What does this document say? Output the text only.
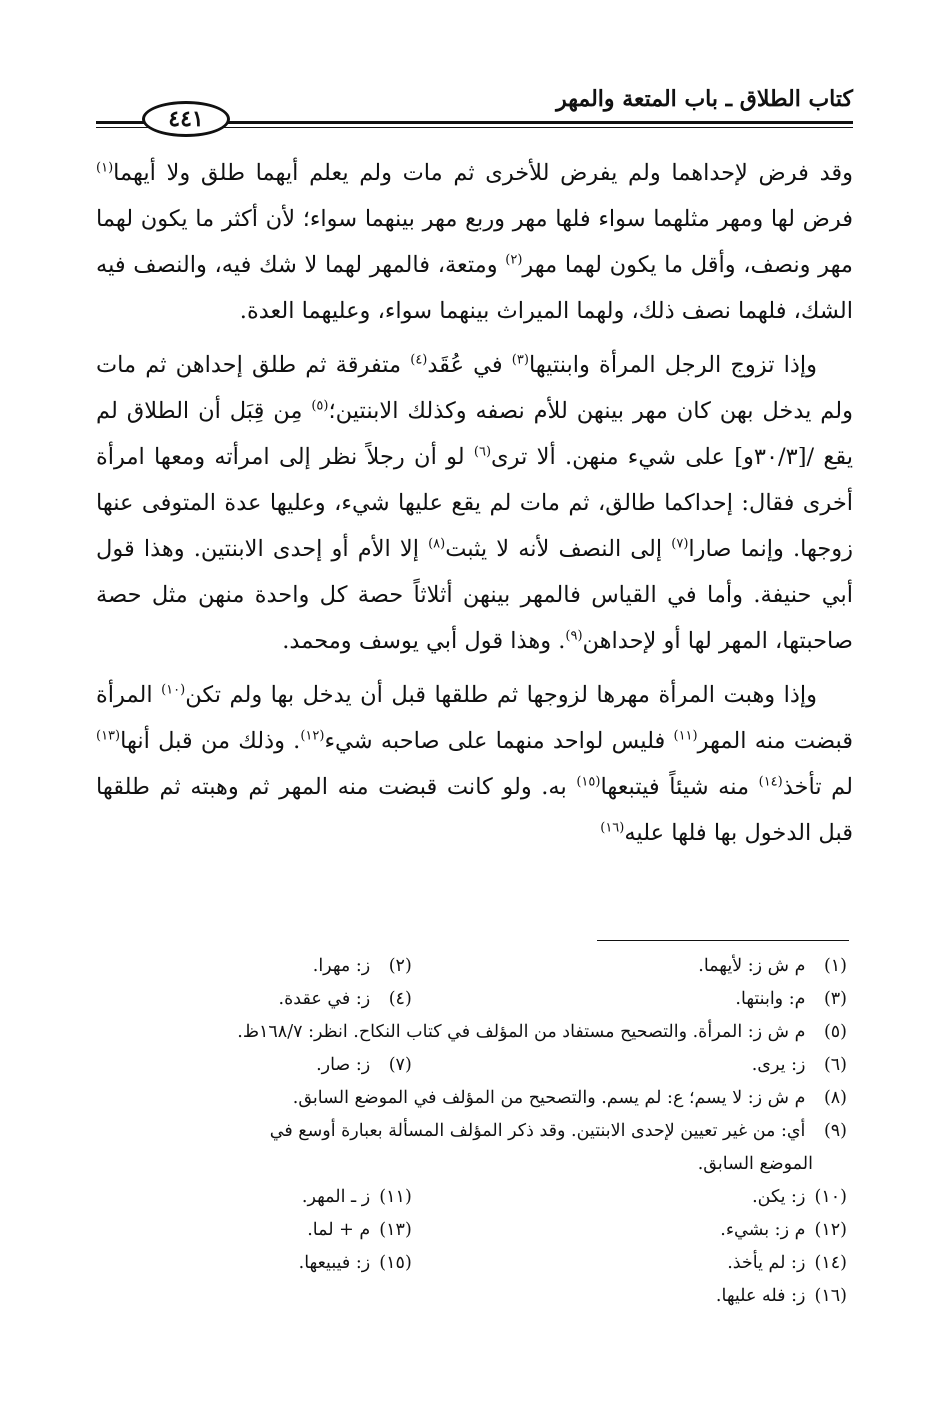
كتاب الطلاق ـ باب المتعة والمهر
٤٤١

وقد فرض لإحداهما ولم يفرض للأخرى ثم مات ولم يعلم أيهما طلق ولا أيهما$^{(١)}$ فرض لها ومهر مثلهما سواء فلها مهر وربع مهر بينهما سواء؛ لأن أكثر ما يكون لهما مهر ونصف، وأقل ما يكون لهما مهر$^{(٢)}$ ومتعة، فالمهر لهما لا شك فيه، والنصف فيه الشك، فلهما نصف ذلك، ولهما الميراث بينهما سواء، وعليهما العدة.

وإذا تزوج الرجل المرأة وابنتيها$^{(٣)}$ في عُقَد$^{(٤)}$ متفرقة ثم طلق إحداهن ثم مات ولم يدخل بهن كان مهر بينهن للأم نصفه وكذلك الابنتين؛$^{(٥)}$ مِن قِبَل أن الطلاق لم يقع /[٣٠/٣و] على شيء منهن. ألا ترى$^{(٦)}$ لو أن رجلاً نظر إلى امرأته ومعها امرأة أخرى فقال: إحداكما طالق، ثم مات لم يقع عليها شيء، وعليها عدة المتوفى عنها زوجها. وإنما صارا$^{(٧)}$ إلى النصف لأنه لا يثبت$^{(٨)}$ إلا الأم أو إحدى الابنتين. وهذا قول أبي حنيفة. وأما في القياس فالمهر بينهن أثلاثاً حصة كل واحدة منهن مثل حصة صاحبتها، المهر لها أو لإحداهن$^{(٩)}$. وهذا قول أبي يوسف ومحمد.

وإذا وهبت المرأة مهرها لزوجها ثم طلقها قبل أن يدخل بها ولم تكن$^{(١٠)}$ المرأة قبضت منه المهر$^{(١١)}$ فليس لواحد منهما على صاحبه شيء$^{(١٢)}$. وذلك من قبل أنها$^{(١٣)}$ لم تأخذ$^{(١٤)}$ منه شيئاً فيتبعها$^{(١٥)}$ به. ولو كانت قبضت منه المهر ثم وهبته ثم طلقها قبل الدخول بها فلها عليه$^{(١٦)}$

(١) م ش ز: لأيهما.
(٢) ز: مهرا.
(٣) م: وابنتها.
(٤) ز: في عقدة.
(٥) م ش ز: المرأة. والتصحيح مستفاد من المؤلف في كتاب النكاح. انظر: ١٦٨/٧ظ.
(٦) ز: يرى.
(٧) ز: صار.
(٨) م ش ز: لا يسم؛ ع: لم يسم. والتصحيح من المؤلف في الموضع السابق.
(٩) أي: من غير تعيين لإحدى الابنتين. وقد ذكر المؤلف المسألة بعبارة أوسع في
الموضع السابق.
(١٠) ز: يكن.
(١١) ز ـ المهر.
(١٢) م ز: بشيء.
(١٣) م + لما.
(١٤) ز: لم يأخذ.
(١٥) ز: فيبيعها.
(١٦) ز: فله عليها.
